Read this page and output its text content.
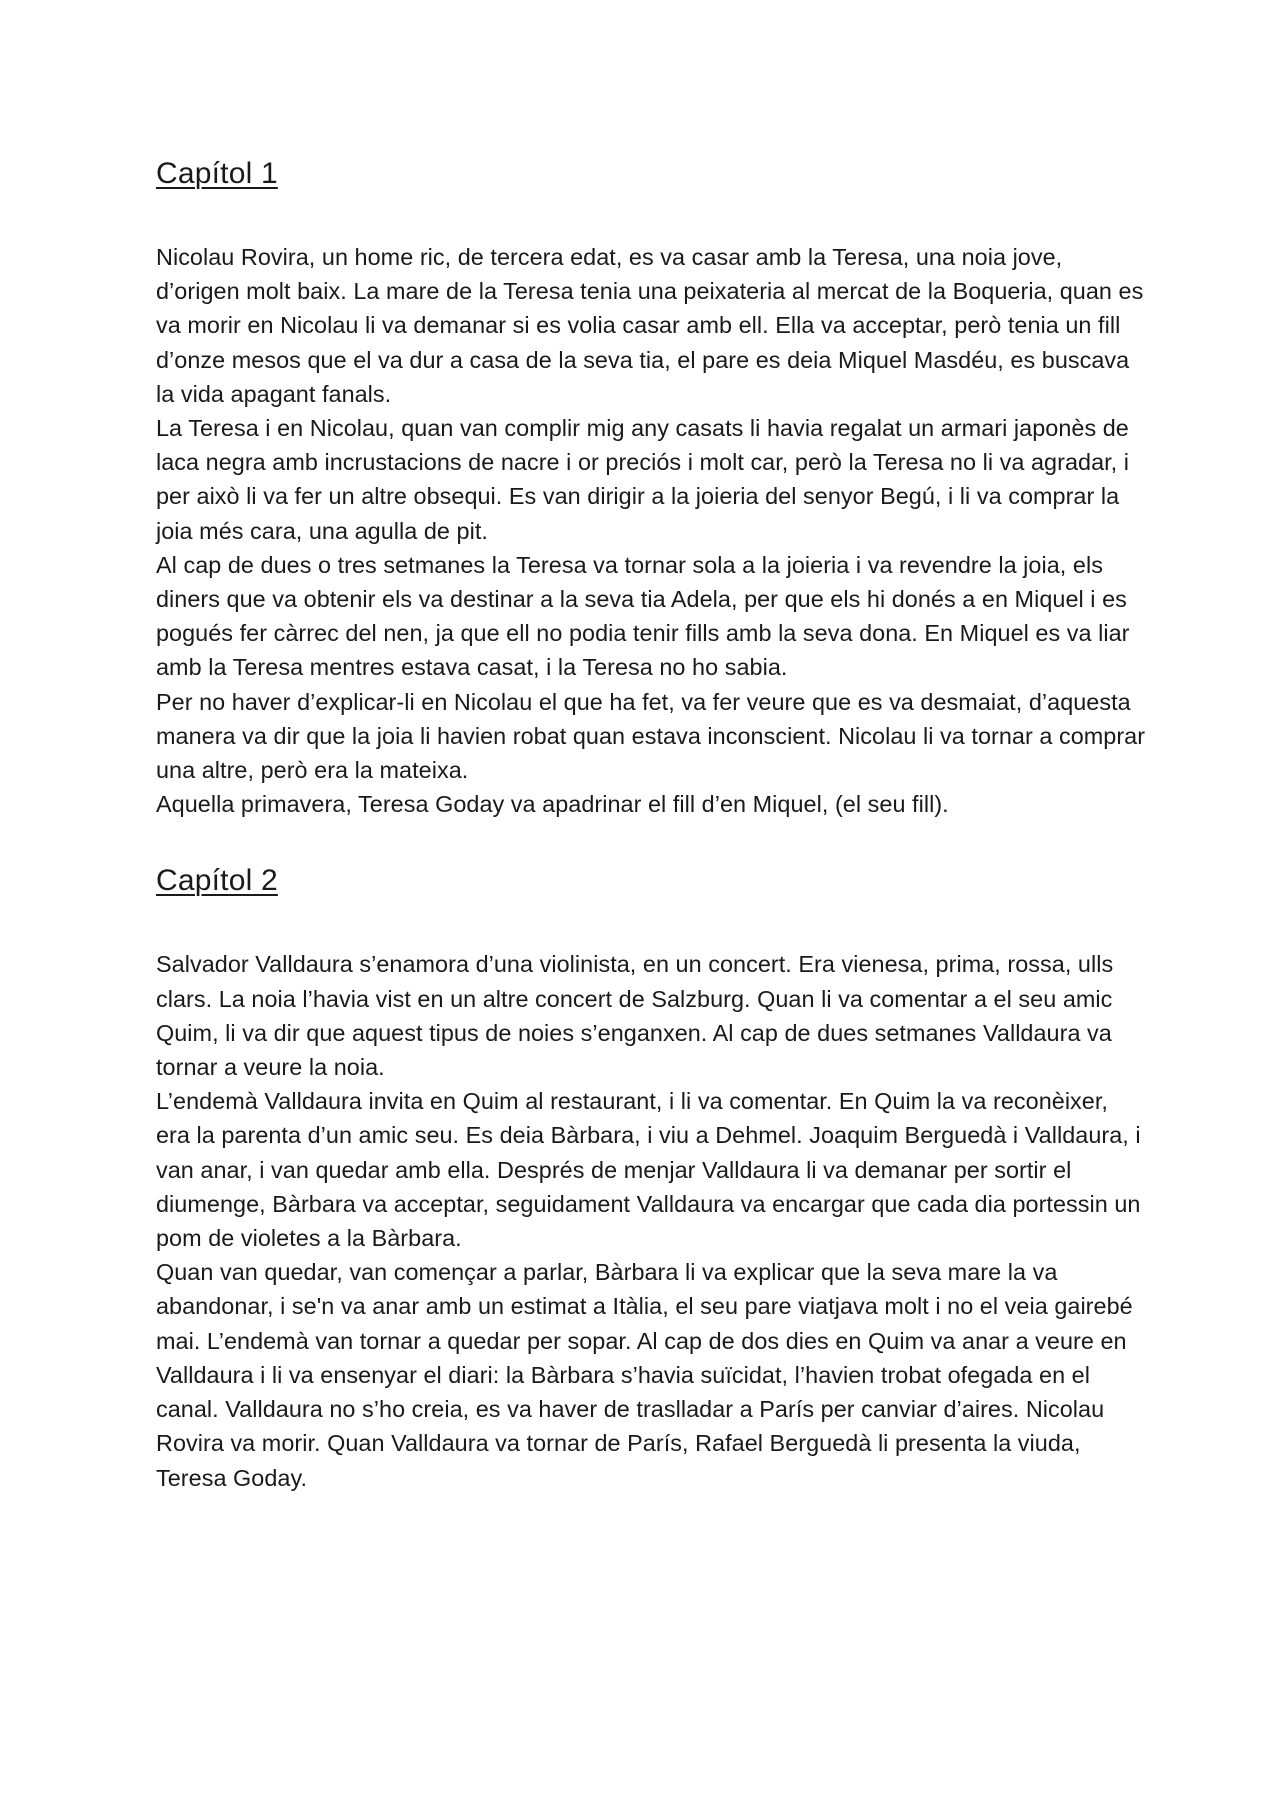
Capítol 1

Nicolau Rovira, un home ric, de tercera edat, es va casar amb la Teresa, una noia jove, d’origen molt baix. La mare de la Teresa tenia una peixateria al mercat de la Boqueria, quan es va morir en Nicolau li va demanar si es volia casar amb ell. Ella va acceptar, però tenia un fill d’onze mesos que el va dur a casa de la seva tia, el pare es deia Miquel Masdéu, es buscava la vida apagant fanals.

La Teresa i en Nicolau, quan van complir mig any casats li havia regalat un armari japonès de laca negra amb incrustacions de nacre i or preciós i molt car, però la Teresa no li va agradar, i per això li va fer un altre obsequi. Es van dirigir a la joieria del senyor Begú, i li va comprar la joia més cara, una agulla de pit.

Al cap de dues o tres setmanes la Teresa va tornar sola a la joieria i va revendre la joia, els diners que va obtenir els va destinar a la seva tia Adela, per que els hi donés a en Miquel i es pogués fer càrrec del nen, ja que ell no podia tenir fills amb la seva dona. En Miquel es va liar amb la Teresa mentres estava casat, i la Teresa no ho sabia.

Per no haver d’explicar-li en Nicolau el que ha fet, va fer veure que es va desmaiat, d’aquesta manera va dir que la joia li havien robat quan estava inconscient. Nicolau li va tornar a comprar una altre, però era la mateixa.

Aquella primavera, Teresa Goday va apadrinar el fill d’en Miquel, (el seu fill).

Capítol 2

Salvador Valldaura s’enamora d’una violinista, en un concert. Era vienesa, prima, rossa, ulls clars. La noia l’havia vist en un altre concert de Salzburg. Quan li va comentar a el seu amic Quim, li va dir que aquest tipus de noies s’enganxen. Al cap de dues setmanes Valldaura va tornar a veure la noia.

L’endemà Valldaura invita en Quim al restaurant, i li va comentar. En Quim la va reconèixer, era la parenta d’un amic seu. Es deia Bàrbara, i viu a Dehmel. Joaquim Berguedà i Valldaura, i van anar, i van quedar amb ella. Després de menjar Valldaura li va demanar per sortir el diumenge, Bàrbara va acceptar, seguidament Valldaura va encargar que cada dia portessin un pom de violetes a la Bàrbara.

Quan van quedar, van començar a parlar, Bàrbara li va explicar que la seva mare la va abandonar, i se'n va anar amb un estimat a Itàlia, el seu pare viatjava molt i no el veia gairebé mai. L’endemà van tornar a quedar per sopar. Al cap de dos dies en Quim va anar a veure en Valldaura i li va ensenyar el diari: la Bàrbara s’havia suïcidat, l’havien trobat ofegada en el canal. Valldaura no s’ho creia, es va haver de traslladar a París per canviar d’aires. Nicolau Rovira va morir. Quan Valldaura va tornar de París, Rafael Berguedà li presenta la viuda, Teresa Goday.
